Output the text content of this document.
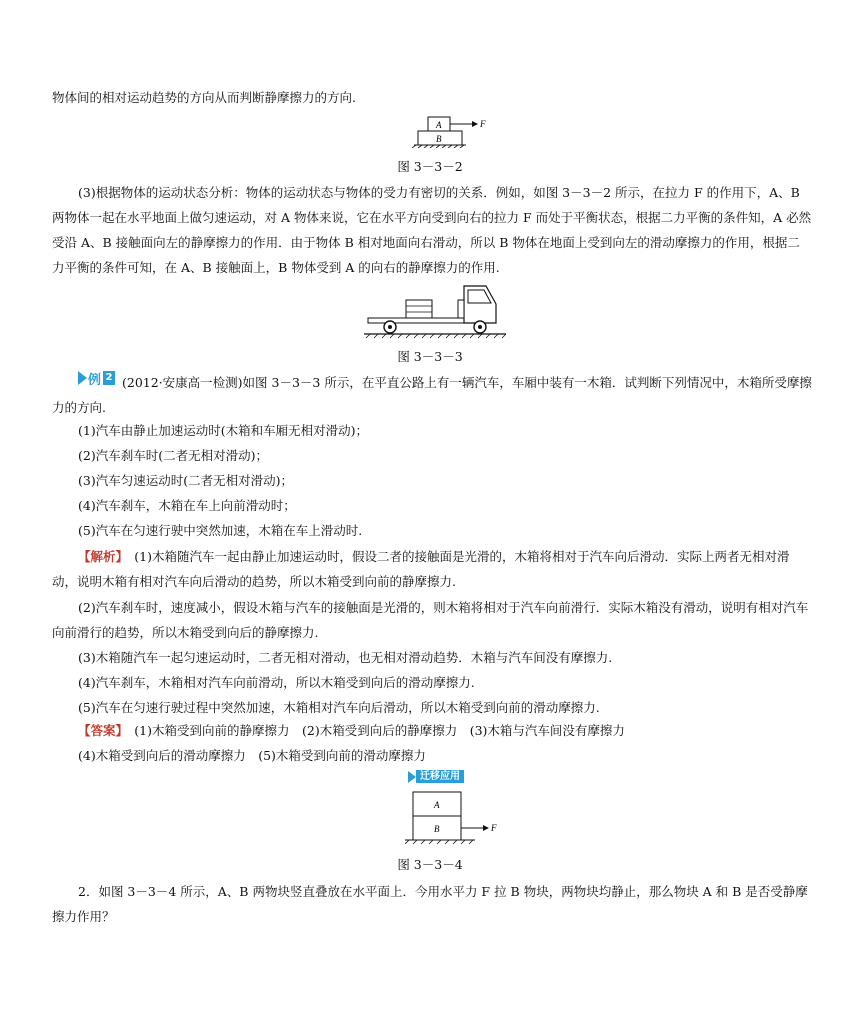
物体间的相对运动趋势的方向从而判断静摩擦力的方向.

A
B
F

图 3－3－2

(3)根据物体的运动状态分析：物体的运动状态与物体的受力有密切的关系．例如，如图 3－3－2 所示，在拉力 F 的作用下，A、B 两物体一起在水平地面上做匀速运动，对 A 物体来说，它在水平方向受到向右的拉力 F 而处于平衡状态，根据二力平衡的条件知，A 必然受沿 A、B 接触面向左的静摩擦力的作用．由于物体 B 相对地面向右滑动，所以 B 物体在地面上受到向左的滑动摩擦力的作用，根据二力平衡的条件可知，在 A、B 接触面上，B 物体受到 A 的向右的静摩擦力的作用.

图 3－3－3

例 2 (2012·安康高一检测)如图 3－3－3 所示，在平直公路上有一辆汽车，车厢中装有一木箱．试判断下列情况中，木箱所受摩擦力的方向.

(1)汽车由静止加速运动时(木箱和车厢无相对滑动)；

(2)汽车刹车时(二者无相对滑动)；

(3)汽车匀速运动时(二者无相对滑动)；

(4)汽车刹车，木箱在车上向前滑动时；

(5)汽车在匀速行驶中突然加速，木箱在车上滑动时.

【解析】　 (1)木箱随汽车一起由静止加速运动时，假设二者的接触面是光滑的，木箱将相对于汽车向后滑动．实际上两者无相对滑动，说明木箱有相对汽车向后滑动的趋势，所以木箱受到向前的静摩擦力.

(2)汽车刹车时，速度减小，假设木箱与汽车的接触面是光滑的，则木箱将相对于汽车向前滑行．实际木箱没有滑动，说明有相对汽车向前滑行的趋势，所以木箱受到向后的静摩擦力.

(3)木箱随汽车一起匀速运动时，二者无相对滑动，也无相对滑动趋势．木箱与汽车间没有摩擦力.

(4)汽车刹车，木箱相对汽车向前滑动，所以木箱受到向后的滑动摩擦力.

(5)汽车在匀速行驶过程中突然加速，木箱相对汽车向后滑动，所以木箱受到向前的滑动摩擦力.

【答案】　 (1)木箱受到向前的静摩擦力　(2)木箱受到向后的静摩擦力　(3)木箱与汽车间没有摩擦力

(4)木箱受到向后的滑动摩擦力　(5)木箱受到向前的滑动摩擦力

迁移应用
A
B	F

图 3－3－4

2．如图 3－3－4 所示，A、B 两物块竖直叠放在水平面上．今用水平力 F 拉 B 物块，两物块均静止，那么物块 A 和 B 是否受静摩擦力作用？
